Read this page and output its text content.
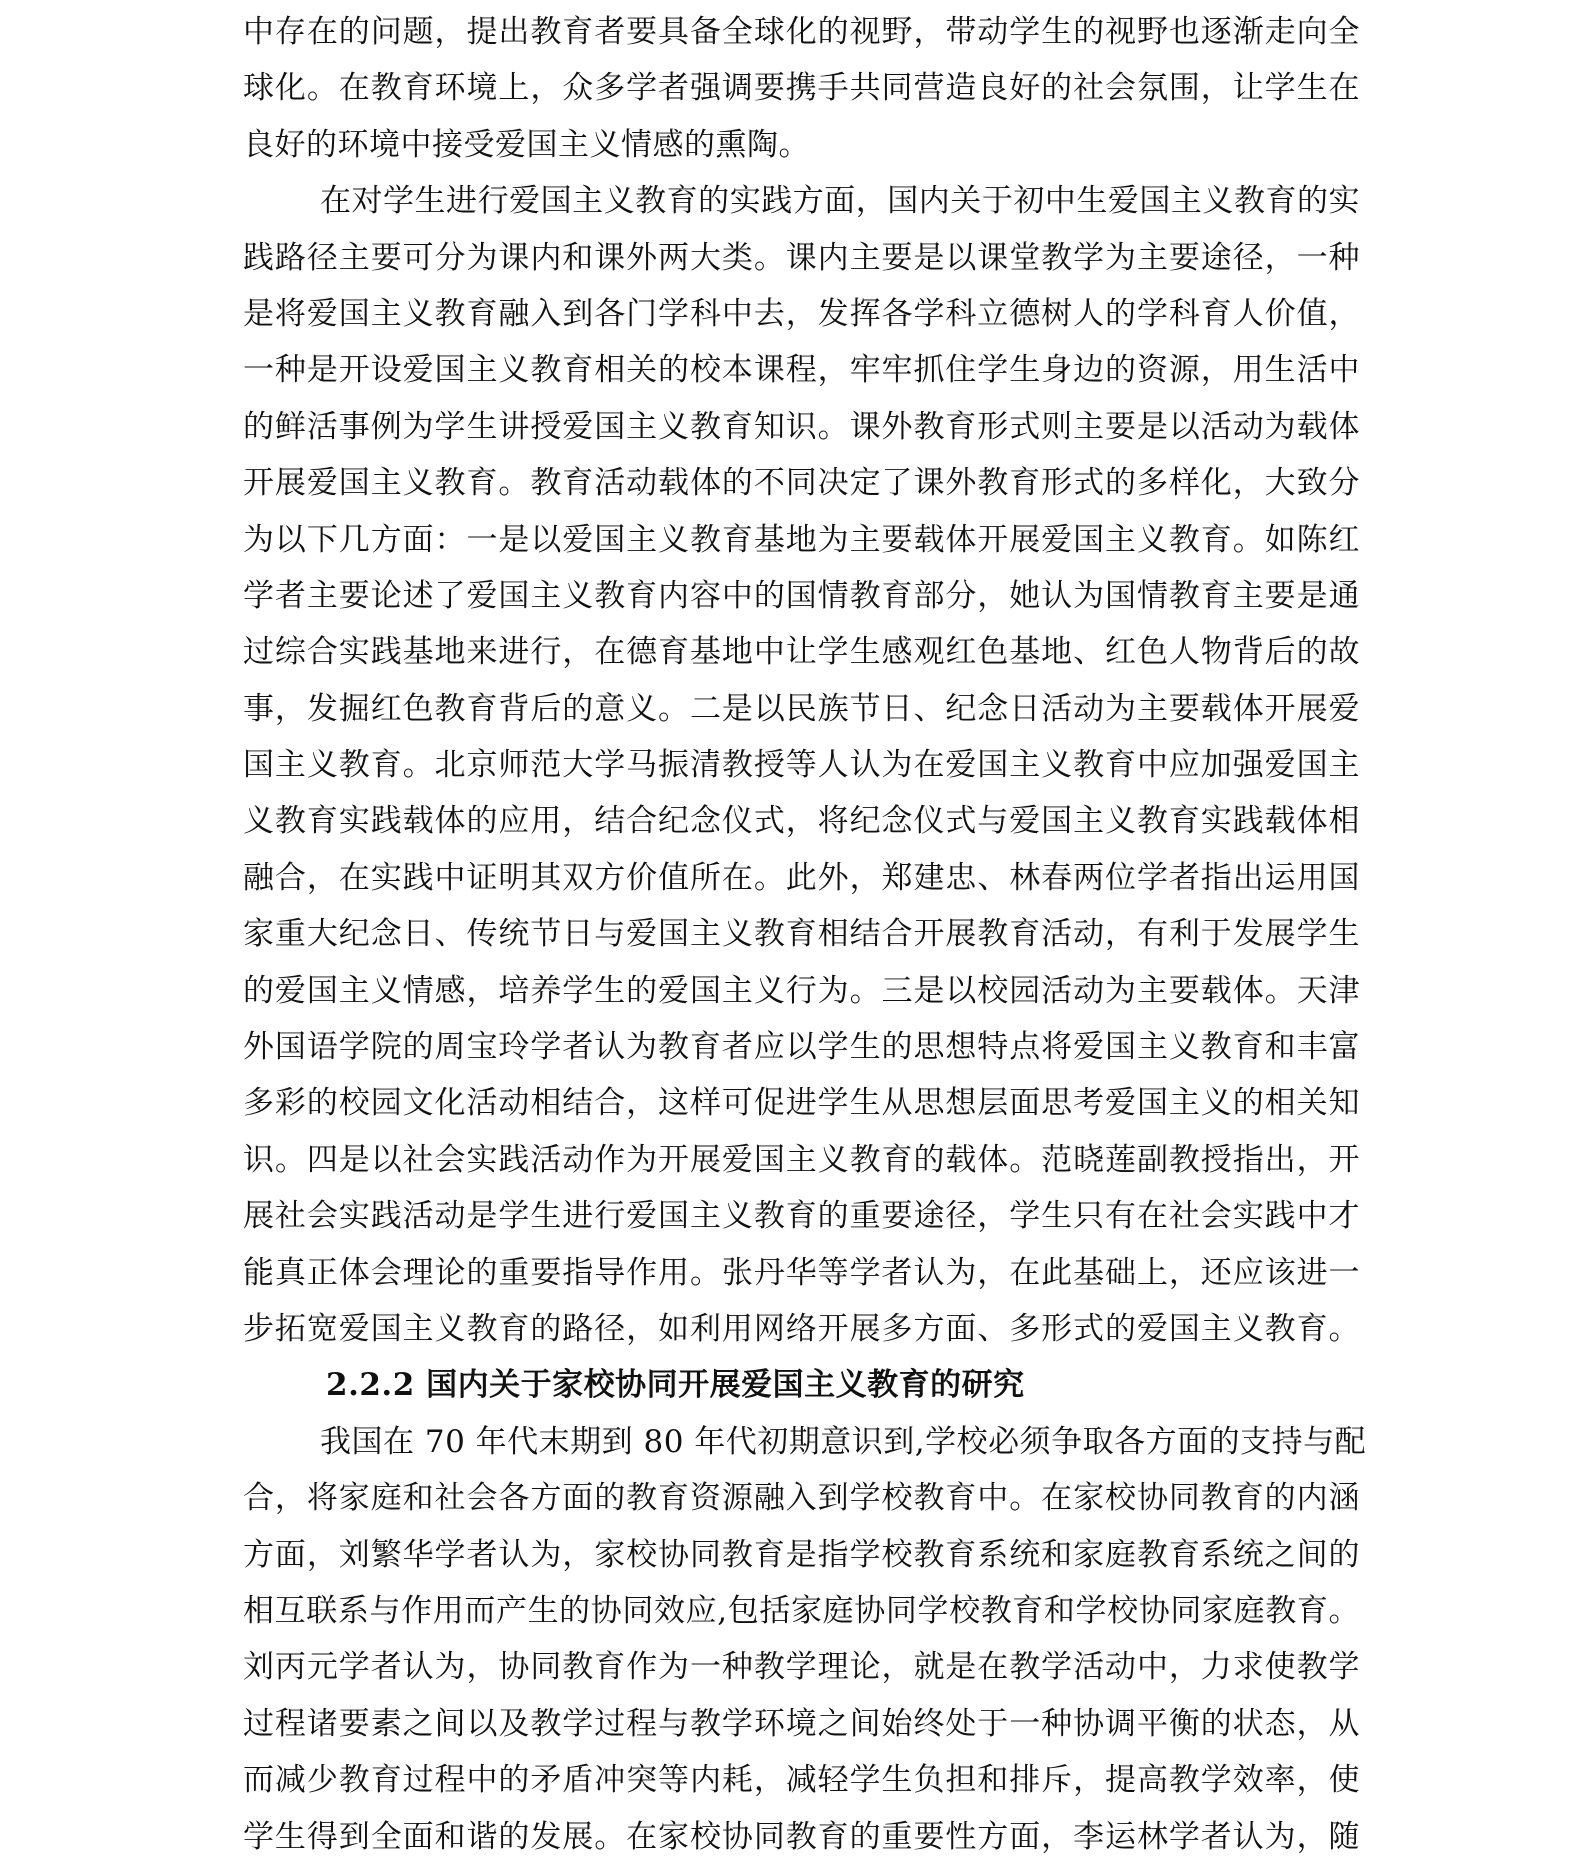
中存在的问题，提出教育者要具备全球化的视野，带动学生的视野也逐渐走向全
球化。在教育环境上，众多学者强调要携手共同营造良好的社会氛围，让学生在
良好的环境中接受爱国主义情感的熏陶。
在对学生进行爱国主义教育的实践方面，国内关于初中生爱国主义教育的实
践路径主要可分为课内和课外两大类。课内主要是以课堂教学为主要途径，一种
是将爱国主义教育融入到各门学科中去，发挥各学科立德树人的学科育人价值，
一种是开设爱国主义教育相关的校本课程，牢牢抓住学生身边的资源，用生活中
的鲜活事例为学生讲授爱国主义教育知识。课外教育形式则主要是以活动为载体
开展爱国主义教育。教育活动载体的不同决定了课外教育形式的多样化，大致分
为以下几方面：一是以爱国主义教育基地为主要载体开展爱国主义教育。如陈红
学者主要论述了爱国主义教育内容中的国情教育部分，她认为国情教育主要是通
过综合实践基地来进行，在德育基地中让学生感观红色基地、红色人物背后的故
事，发掘红色教育背后的意义。二是以民族节日、纪念日活动为主要载体开展爱
国主义教育。北京师范大学马振清教授等人认为在爱国主义教育中应加强爱国主
义教育实践载体的应用，结合纪念仪式，将纪念仪式与爱国主义教育实践载体相
融合，在实践中证明其双方价值所在。此外，郑建忠、林春两位学者指出运用国
家重大纪念日、传统节日与爱国主义教育相结合开展教育活动，有利于发展学生
的爱国主义情感，培养学生的爱国主义行为。三是以校园活动为主要载体。天津
外国语学院的周宝玲学者认为教育者应以学生的思想特点将爱国主义教育和丰富
多彩的校园文化活动相结合，这样可促进学生从思想层面思考爱国主义的相关知
识。四是以社会实践活动作为开展爱国主义教育的载体。范晓莲副教授指出，开
展社会实践活动是学生进行爱国主义教育的重要途径，学生只有在社会实践中才
能真正体会理论的重要指导作用。张丹华等学者认为，在此基础上，还应该进一
步拓宽爱国主义教育的路径，如利用网络开展多方面、多形式的爱国主义教育。
2.2.2 国内关于家校协同开展爱国主义教育的研究
我国在 70 年代末期到 80 年代初期意识到,学校必须争取各方面的支持与配
合，将家庭和社会各方面的教育资源融入到学校教育中。在家校协同教育的内涵
方面，刘繁华学者认为，家校协同教育是指学校教育系统和家庭教育系统之间的
相互联系与作用而产生的协同效应,包括家庭协同学校教育和学校协同家庭教育。
刘丙元学者认为，协同教育作为一种教学理论，就是在教学活动中，力求使教学
过程诸要素之间以及教学过程与教学环境之间始终处于一种协调平衡的状态，从
而减少教育过程中的矛盾冲突等内耗，减轻学生负担和排斥，提高教学效率，使
学生得到全面和谐的发展。在家校协同教育的重要性方面，李运林学者认为，随
